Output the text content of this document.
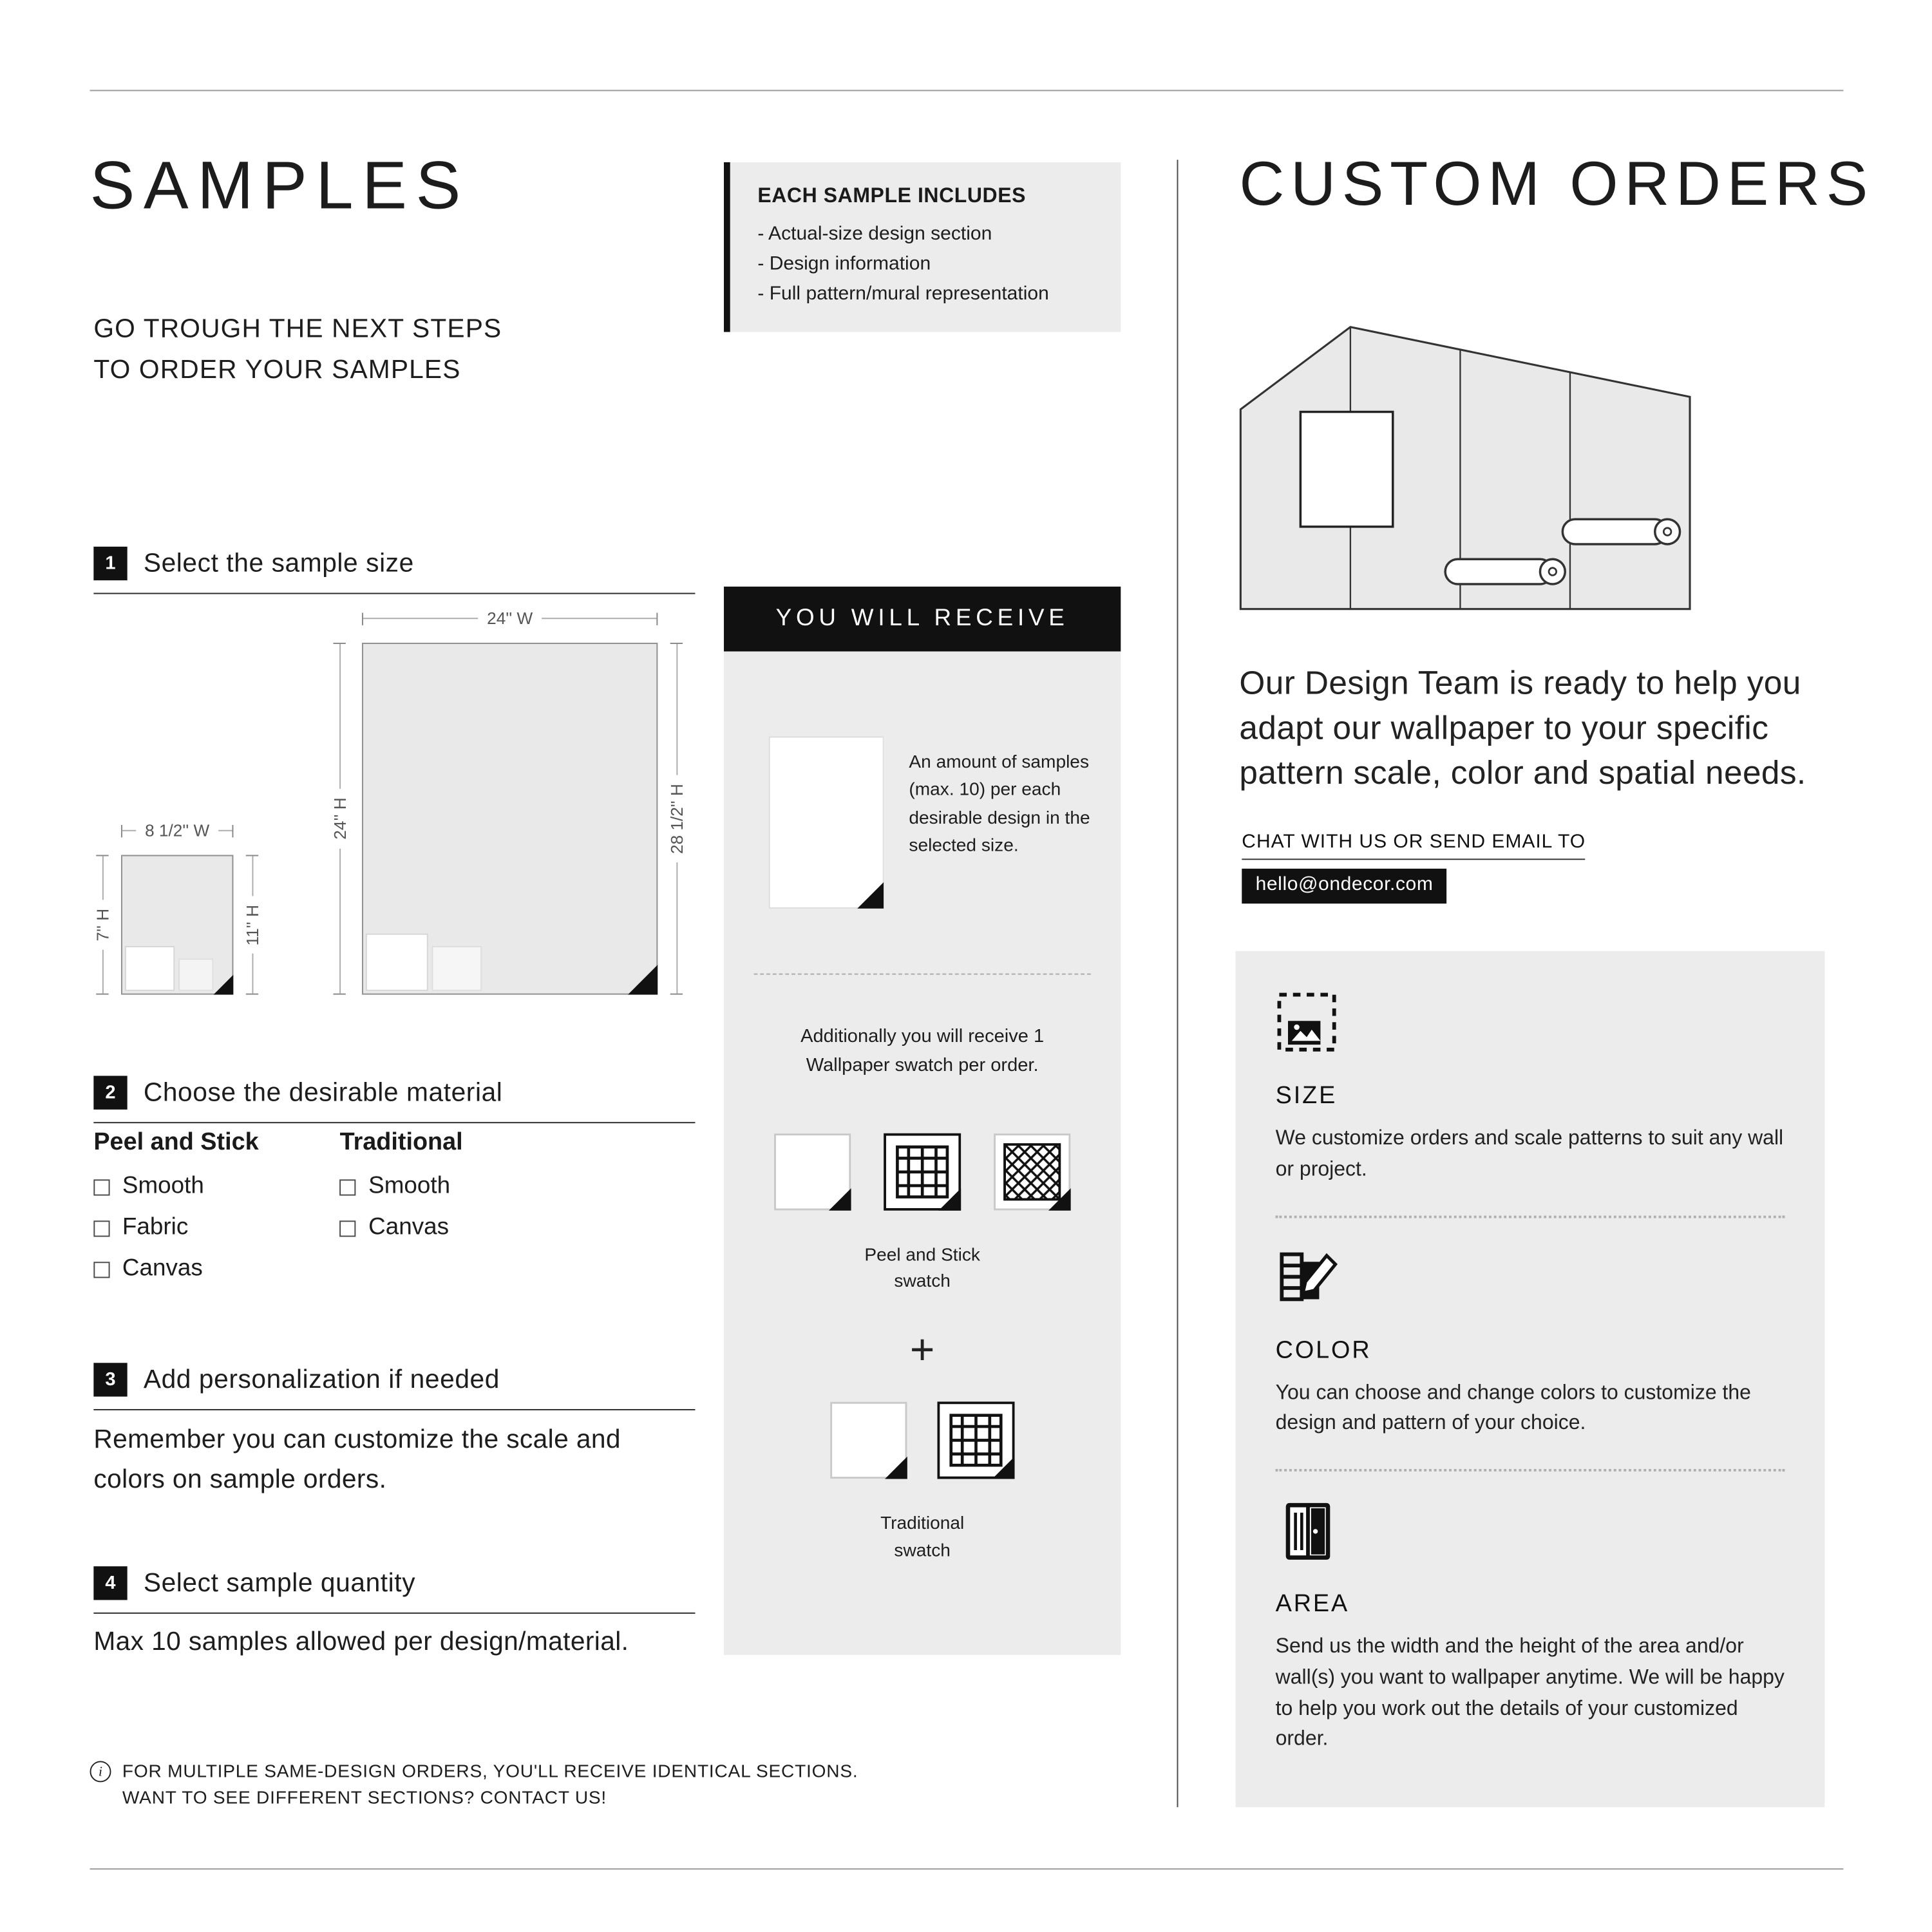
SAMPLES	EACH SAMPLE INCLUDES
- Actual-size design section
- Design information
- Full pattern/mural representation
GO TROUGH THE NEXT STEPS
TO ORDER YOUR SAMPLES
1	Select the sample size
24'' W
24'' H	28 1/2'' H
8 1/2'' W
7'' H	11'' H
2	Choose the desirable material
Peel and Stick
Smooth
Fabric
Canvas
Traditional
Smooth
Canvas
3	Add personalization if needed
Remember you can customize the scale and colors on sample orders.
4	Select sample quantity
Max 10 samples allowed per design/material.
i	FOR MULTIPLE SAME-DESIGN ORDERS, YOU'LL RECEIVE IDENTICAL SECTIONS. WANT TO SEE DIFFERENT SECTIONS? CONTACT US!
YOU WILL RECEIVE
An amount of samples (max. 10) per each desirable design in the selected size.
Additionally you will receive 1 Wallpaper swatch per order.
Peel and Stick
swatch
+
Traditional
swatch
CUSTOM ORDERS
Our Design Team is ready to help you adapt our wallpaper to your specific pattern scale, color and spatial needs.
CHAT WITH US OR SEND EMAIL TO
hello@ondecor.com
SIZE
We customize orders and scale patterns to suit any wall or project.
COLOR
You can choose and change colors to customize the design and pattern of your choice.
AREA
Send us the width and the height of the area and/or wall(s) you want to wallpaper anytime. We will be happy to help you work out the details of your customized order.
